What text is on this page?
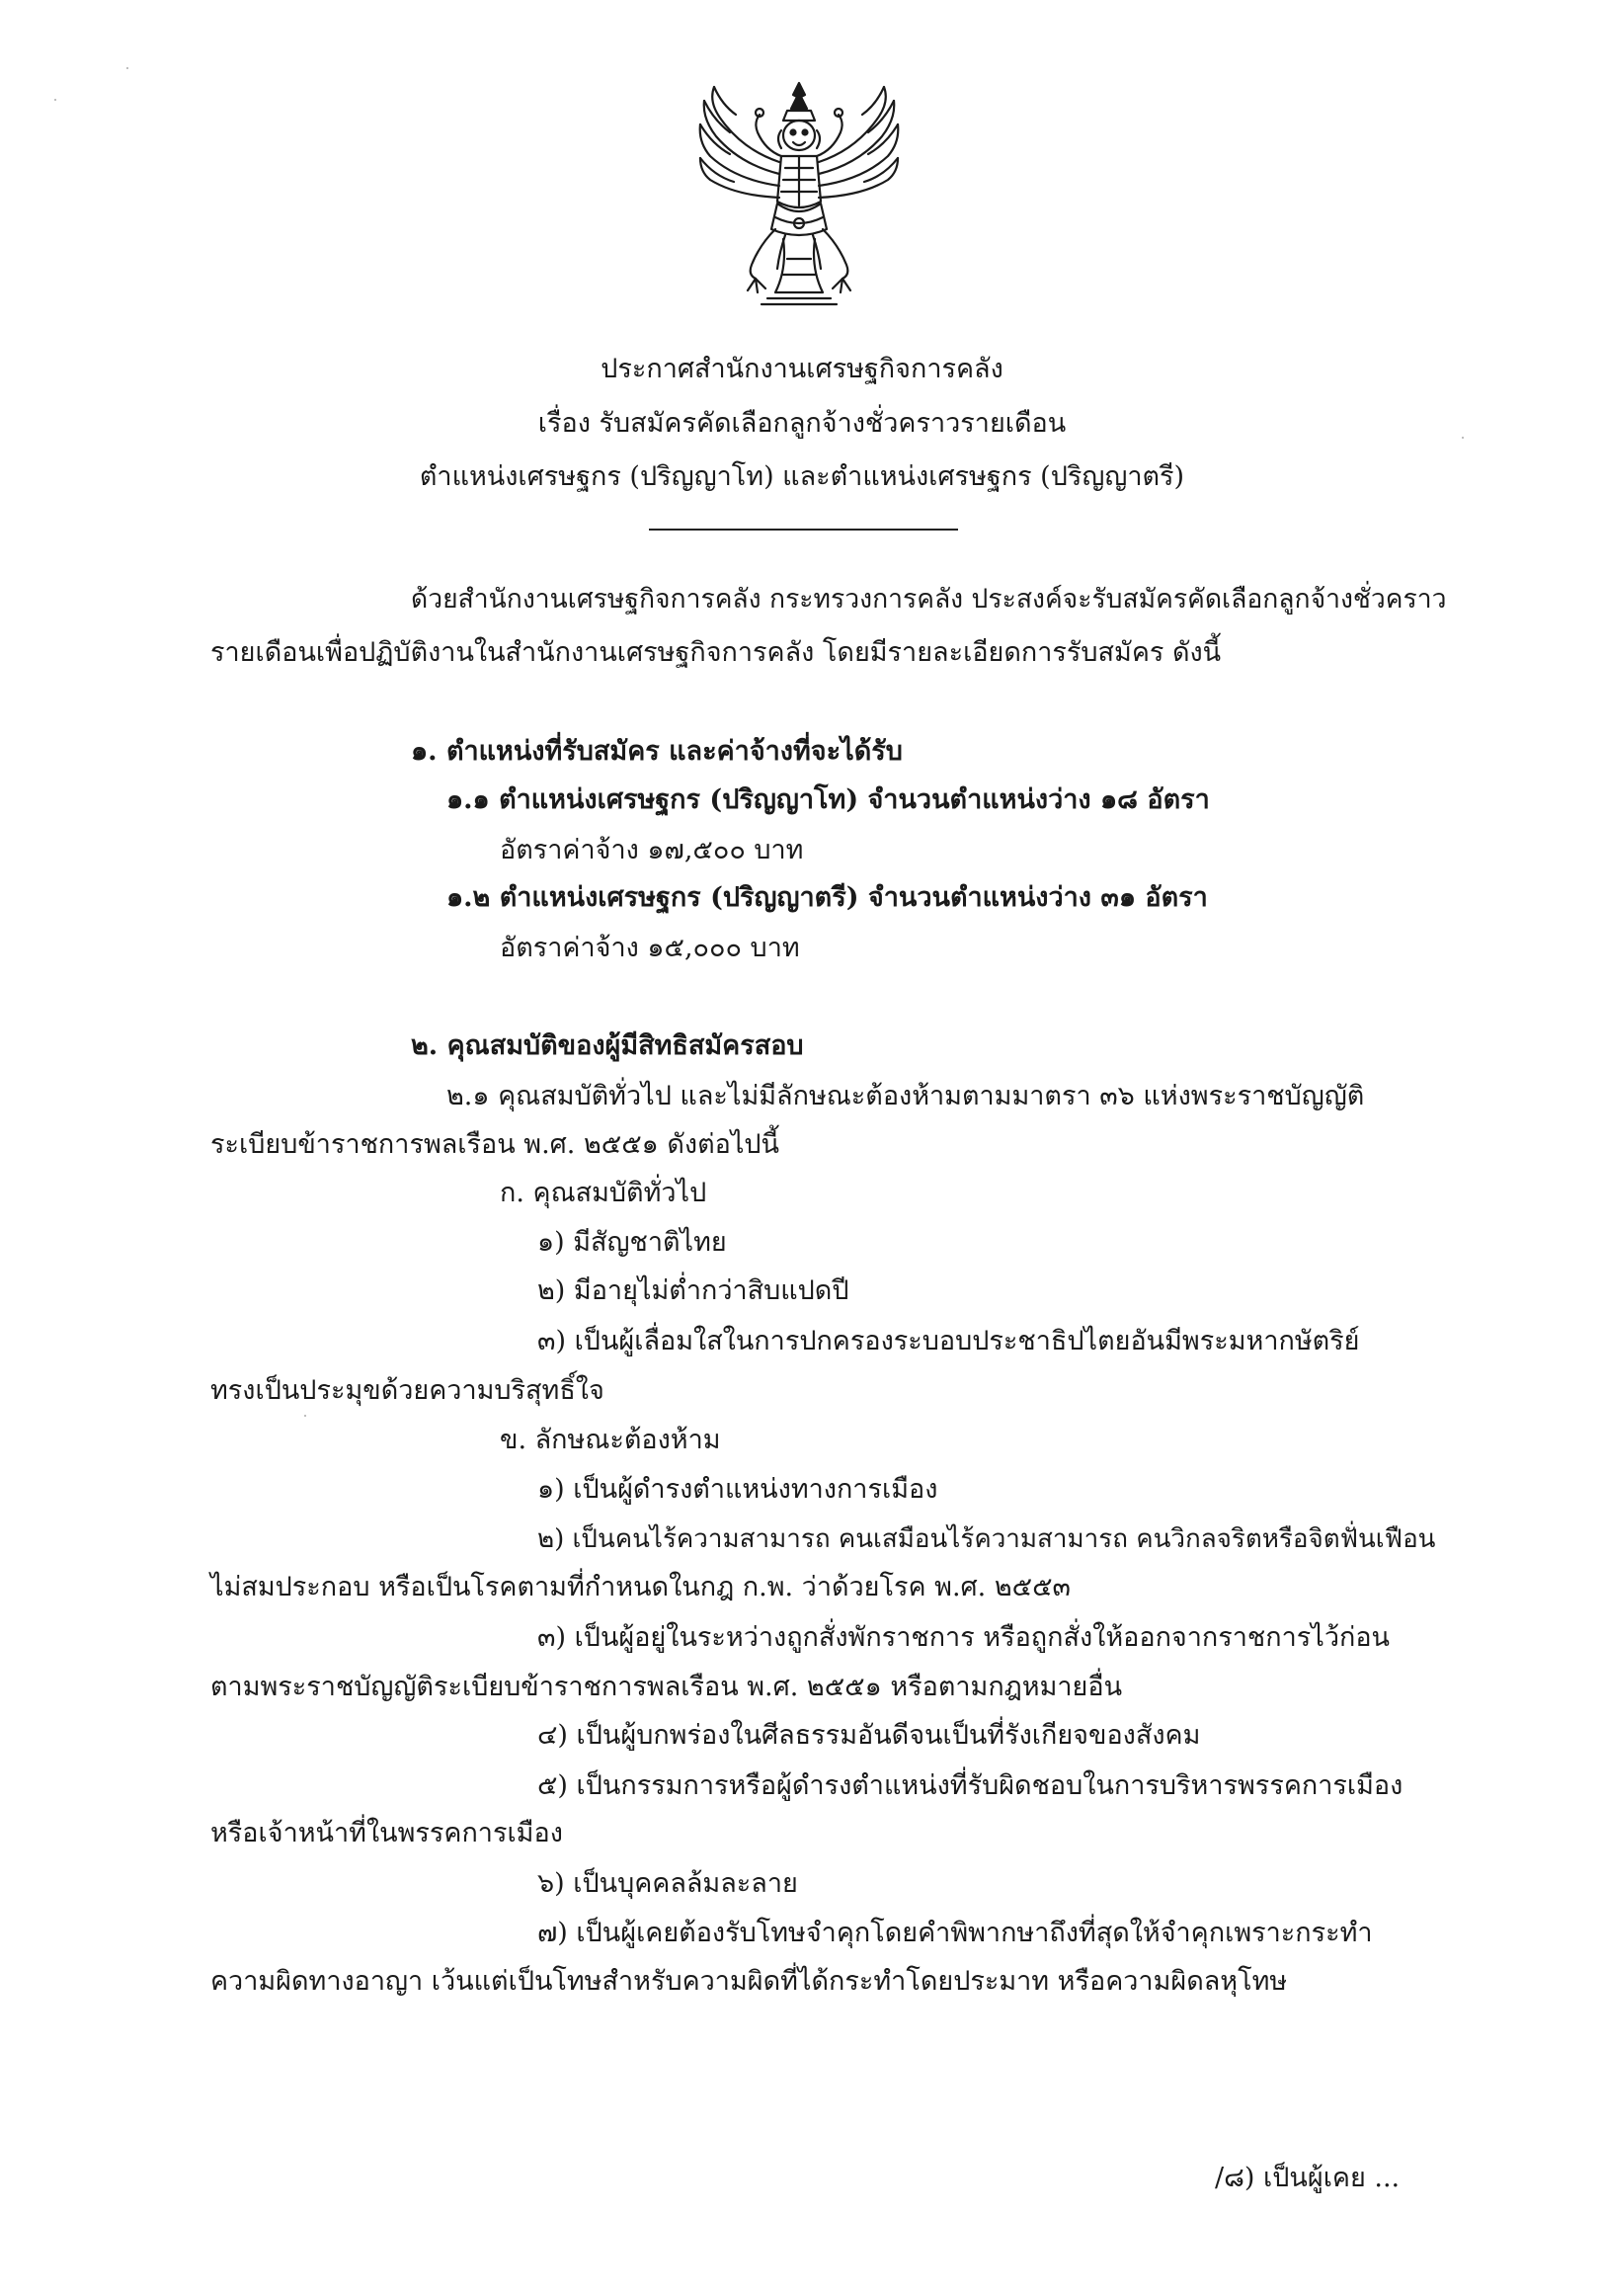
ประกาศสำนักงานเศรษฐกิจการคลัง
เรื่อง รับสมัครคัดเลือกลูกจ้างชั่วคราวรายเดือน
ตำแหน่งเศรษฐกร (ปริญญาโท) และตำแหน่งเศรษฐกร (ปริญญาตรี)
ด้วยสำนักงานเศรษฐกิจการคลัง กระทรวงการคลัง ประสงค์จะรับสมัครคัดเลือกลูกจ้างชั่วคราว
รายเดือนเพื่อปฏิบัติงานในสำนักงานเศรษฐกิจการคลัง โดยมีรายละเอียดการรับสมัคร ดังนี้
๑. ตำแหน่งที่รับสมัคร และค่าจ้างที่จะได้รับ
๑.๑ ตำแหน่งเศรษฐกร (ปริญญาโท) จำนวนตำแหน่งว่าง ๑๘ อัตรา
อัตราค่าจ้าง ๑๗,๕๐๐ บาท
๑.๒ ตำแหน่งเศรษฐกร (ปริญญาตรี) จำนวนตำแหน่งว่าง ๓๑ อัตรา
อัตราค่าจ้าง ๑๕,๐๐๐ บาท
๒. คุณสมบัติของผู้มีสิทธิสมัครสอบ
๒.๑ คุณสมบัติทั่วไป และไม่มีลักษณะต้องห้ามตามมาตรา ๓๖ แห่งพระราชบัญญัติ
ระเบียบข้าราชการพลเรือน พ.ศ. ๒๕๕๑ ดังต่อไปนี้
ก. คุณสมบัติทั่วไป
๑) มีสัญชาติไทย
๒) มีอายุไม่ต่ำกว่าสิบแปดปี
๓) เป็นผู้เลื่อมใสในการปกครองระบอบประชาธิปไตยอันมีพระมหากษัตริย์
ทรงเป็นประมุขด้วยความบริสุทธิ์ใจ
ข. ลักษณะต้องห้าม
๑) เป็นผู้ดำรงตำแหน่งทางการเมือง
๒) เป็นคนไร้ความสามารถ คนเสมือนไร้ความสามารถ คนวิกลจริตหรือจิตฟั่นเฟือน
ไม่สมประกอบ หรือเป็นโรคตามที่กำหนดในกฎ ก.พ. ว่าด้วยโรค พ.ศ. ๒๕๕๓
๓) เป็นผู้อยู่ในระหว่างถูกสั่งพักราชการ หรือถูกสั่งให้ออกจากราชการไว้ก่อน
ตามพระราชบัญญัติระเบียบข้าราชการพลเรือน พ.ศ. ๒๕๕๑ หรือตามกฎหมายอื่น
๔) เป็นผู้บกพร่องในศีลธรรมอันดีจนเป็นที่รังเกียจของสังคม
๕) เป็นกรรมการหรือผู้ดำรงตำแหน่งที่รับผิดชอบในการบริหารพรรคการเมือง
หรือเจ้าหน้าที่ในพรรคการเมือง
๖) เป็นบุคคลล้มละลาย
๗) เป็นผู้เคยต้องรับโทษจำคุกโดยคำพิพากษาถึงที่สุดให้จำคุกเพราะกระทำ
ความผิดทางอาญา เว้นแต่เป็นโทษสำหรับความผิดที่ได้กระทำโดยประมาท หรือความผิดลหุโทษ
/๘) เป็นผู้เคย ...
